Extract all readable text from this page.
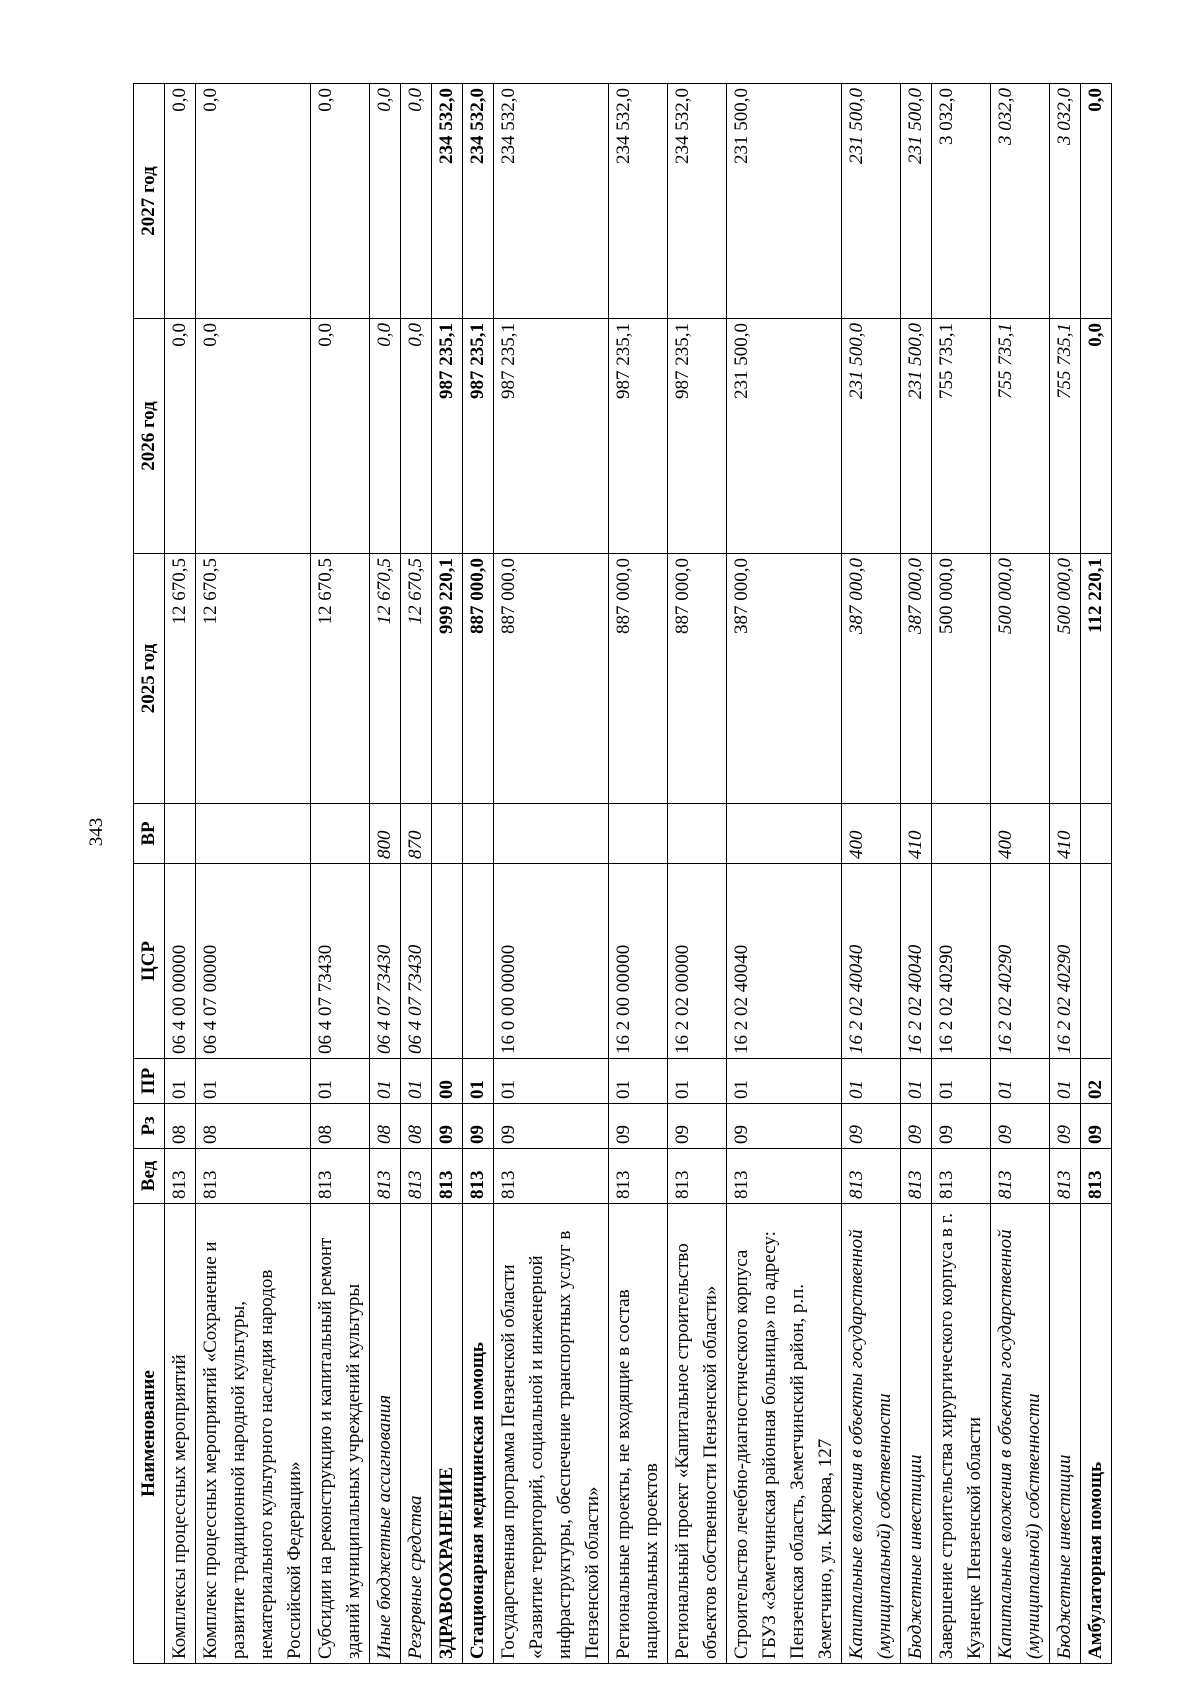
343
Наименование	Вед	Рз	ПР	ЦСР	ВР	2025 год	2026 год	2027 год
Комплексы процессных мероприятий	813	08	01	06 4 00 00000		12 670,5	0,0	0,0
Комплекс процессных мероприятий «Сохранение и развитие традиционной народной культуры, нематериального культурного наследия народов Российской Федерации»	813	08	01	06 4 07 00000		12 670,5	0,0	0,0
Субсидии на реконструкцию и капитальный ремонт зданий муниципальных учреждений культуры	813	08	01	06 4 07 73430		12 670,5	0,0	0,0
Иные бюджетные ассигнования	813	08	01	06 4 07 73430	800	12 670,5	0,0	0,0
Резервные средства	813	08	01	06 4 07 73430	870	12 670,5	0,0	0,0
ЗДРАВООХРАНЕНИЕ	813	09	00			999 220,1	987 235,1	234 532,0
Стационарная медицинская помощь	813	09	01			887 000,0	987 235,1	234 532,0
Государственная программа Пензенской области «Развитие территорий, социальной и инженерной инфраструктуры, обеспечение транспортных услуг в Пензенской области»	813	09	01	16 0 00 00000		887 000,0	987 235,1	234 532,0
Региональные проекты, не входящие в состав национальных проектов	813	09	01	16 2 00 00000		887 000,0	987 235,1	234 532,0
Региональный проект «Капитальное строительство объектов собственности Пензенской области»	813	09	01	16 2 02 00000		887 000,0	987 235,1	234 532,0
Строительство лечебно-диагностического корпуса ГБУЗ «Земетчинская районная больница» по адресу: Пензенская область, Земетчинский район, р.п. Земетчино, ул. Кирова, 127	813	09	01	16 2 02 40040		387 000,0	231 500,0	231 500,0
Капитальные вложения в объекты государственной (муниципальной) собственности	813	09	01	16 2 02 40040	400	387 000,0	231 500,0	231 500,0
Бюджетные инвестиции	813	09	01	16 2 02 40040	410	387 000,0	231 500,0	231 500,0
Завершение строительства хирургического корпуса в г. Кузнецке Пензенской области	813	09	01	16 2 02 40290		500 000,0	755 735,1	3 032,0
Капитальные вложения в объекты государственной (муниципальной) собственности	813	09	01	16 2 02 40290	400	500 000,0	755 735,1	3 032,0
Бюджетные инвестиции	813	09	01	16 2 02 40290	410	500 000,0	755 735,1	3 032,0
Амбулаторная помощь	813	09	02			112 220,1	0,0	0,0
